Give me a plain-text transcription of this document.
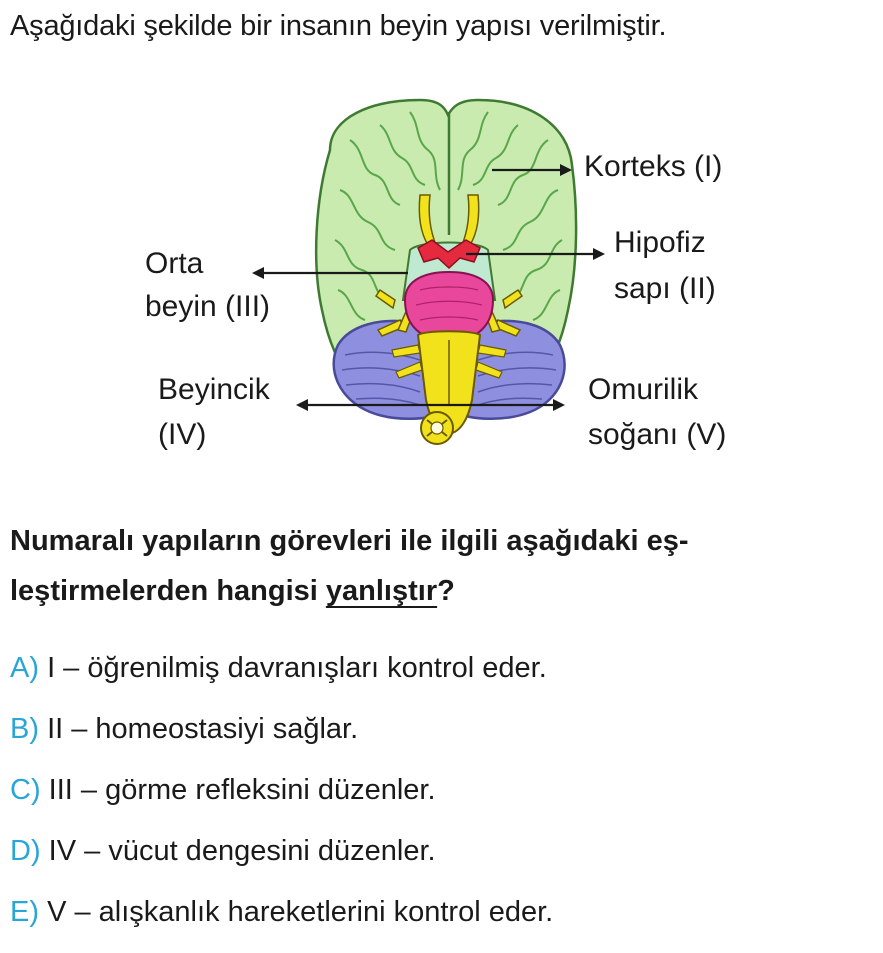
Aşağıdaki şekilde bir insanın beyin yapısı verilmiştir.
Korteks (I)
Hipofiz
sapı (II)
Orta
beyin (III)
Beyincik
(IV)
Omurilik
soğanı (V)
Numaralı yapıların görevleri ile ilgili aşağıdaki eş-
leştirmelerden hangisi yanlıştır?
A) I – öğrenilmiş davranışları kontrol eder.
B) II – homeostasiyi sağlar.
C) III – görme refleksini düzenler.
D) IV – vücut dengesini düzenler.
E) V – alışkanlık hareketlerini kontrol eder.
